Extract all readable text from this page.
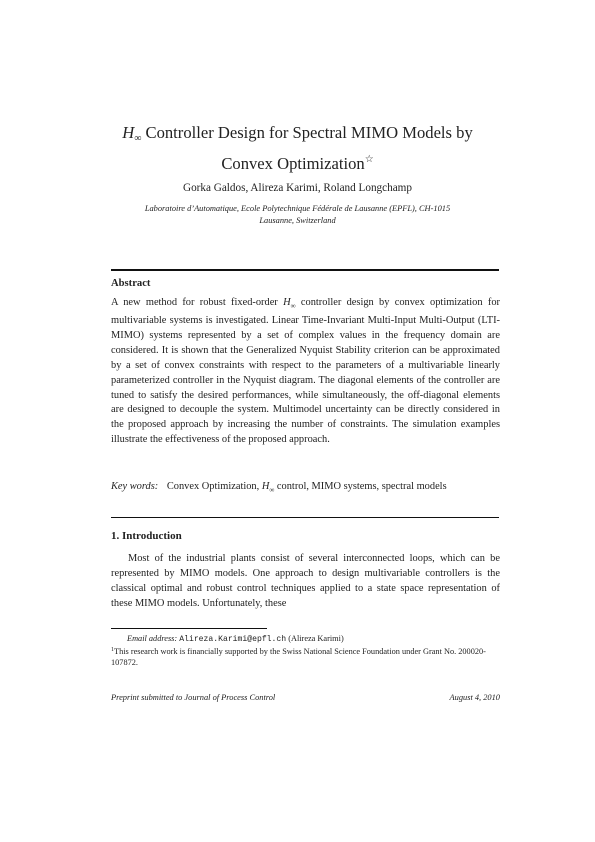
$H_\infty$ Controller Design for Spectral MIMO Models by
Convex Optimization☆
Gorka Galdos, Alireza Karimi, Roland Longchamp
Laboratoire d’Automatique, Ecole Polytechnique Fédérale de Lausanne (EPFL), CH-1015
Lausanne, Switzerland
Abstract
A new method for robust fixed-order $H_\infty$ controller design by convex optimization for multivariable systems is investigated. Linear Time-Invariant Multi-Input Multi-Output (LTI-MIMO) systems represented by a set of complex values in the frequency domain are considered. It is shown that the Generalized Nyquist Stability criterion can be approximated by a set of convex constraints with respect to the parameters of a multivariable linearly parameterized controller in the Nyquist diagram. The diagonal elements of the controller are tuned to satisfy the desired performances, while simultaneously, the off-diagonal elements are designed to decouple the system. Multimodel uncertainty can be directly considered in the proposed approach by increasing the number of constraints. The simulation examples illustrate the effectiveness of the proposed approach.
Key words: Convex Optimization, $H_\infty$ control, MIMO systems, spectral models
1. Introduction
Most of the industrial plants consist of several interconnected loops, which can be represented by MIMO models. One approach to design multivariable controllers is the classical optimal and robust control techniques applied to a state space representation of these MIMO models. Unfortunately, these
Email address: Alireza.Karimi@epfl.ch (Alireza Karimi)
$^1$This research work is financially supported by the Swiss National Science Foundation under Grant No. 200020-107872.
Preprint submitted to Journal of Process Control	August 4, 2010
